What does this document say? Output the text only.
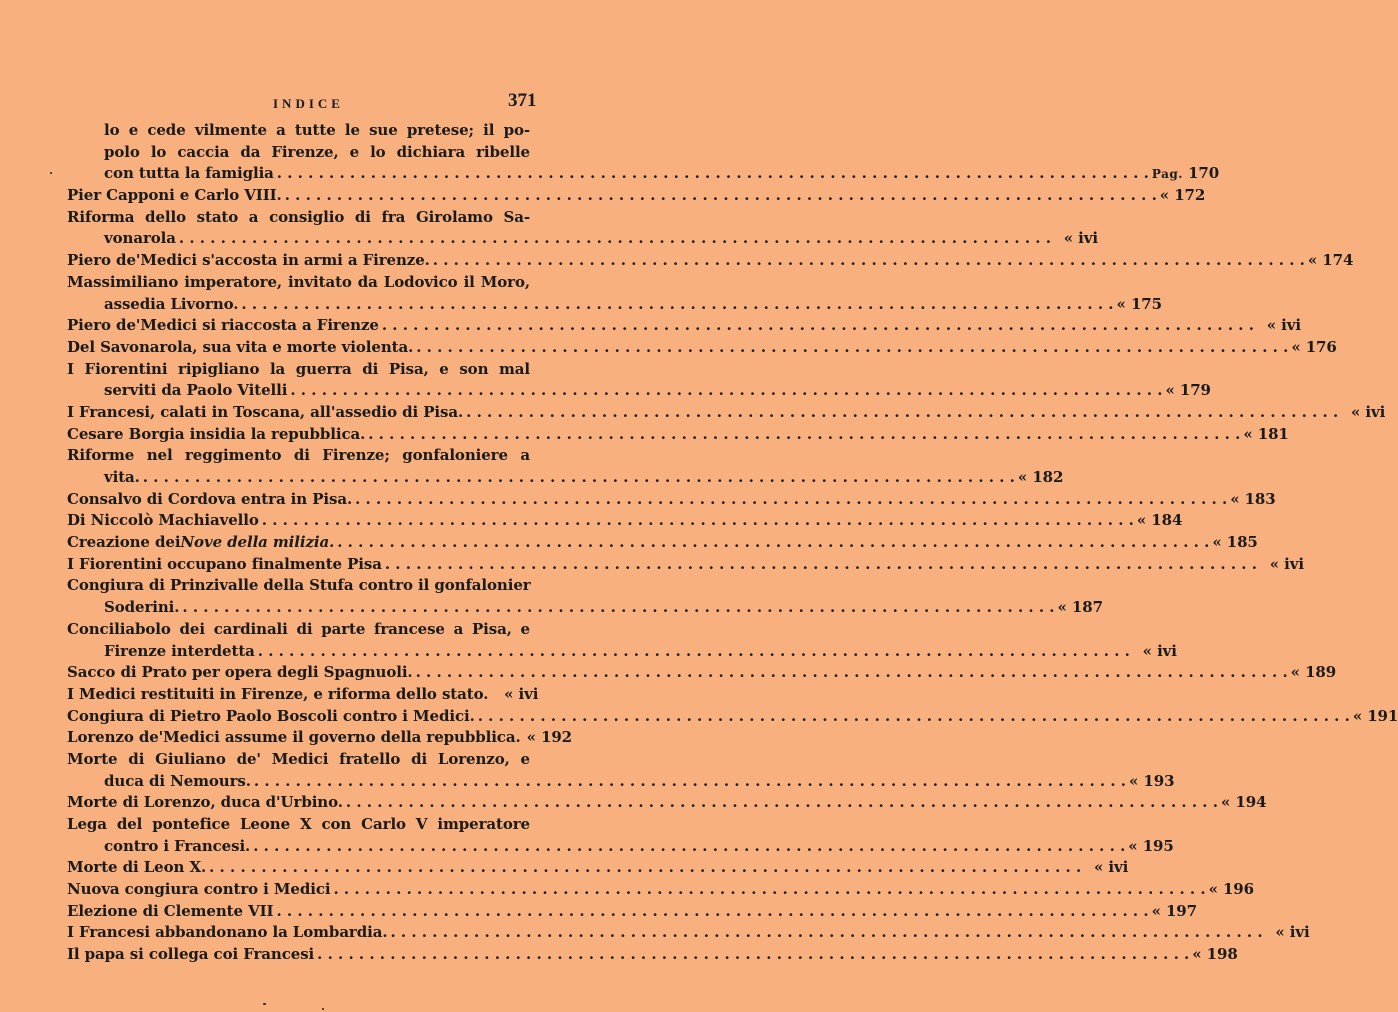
INDICE	371
lo e cede vilmente a tutte le sue pretese; il po-
polo lo caccia da Firenze, e lo dichiara ribelle
con tutta la famiglia . . .	Pag. 170
Pier Capponi e Carlo VIII. . . .	« 172
Riforma dello stato a consiglio di fra Girolamo Sa-
vonarola . . .	« ivi
Piero de'Medici s'accosta in armi a Firenze. . . .	« 174
Massimiliano imperatore, invitato da Lodovico il Moro,
assedia Livorno. . . .	« 175
Piero de'Medici si riaccosta a Firenze . . .	« ivi
Del Savonarola, sua vita e morte violenta. . . .	« 176
I Fiorentini ripigliano la guerra di Pisa, e son mal
serviti da Paolo Vitelli . . .	« 179
I Francesi, calati in Toscana, all'assedio di Pisa. . . .	« ivi
Cesare Borgia insidia la repubblica. . . .	« 181
Riforme nel reggimento di Firenze; gonfaloniere a
vita. . . .	« 182
Consalvo di Cordova entra in Pisa. . . .	« 183
Di Niccolò Machiavello . . .	« 184
Creazione dei Nove della milizia. . . .	« 185
I Fiorentini occupano finalmente Pisa . . .	« ivi
Congiura di Prinzivalle della Stufa contro il gonfalonier
Soderini. . . .	« 187
Conciliabolo dei cardinali di parte francese a Pisa, e
Firenze interdetta . . .	« ivi
Sacco di Prato per opera degli Spagnuoli. . . .	« 189
I Medici restituiti in Firenze, e riforma dello stato.	« ivi
Congiura di Pietro Paolo Boscoli contro i Medici. . . .	« 191
Lorenzo de'Medici assume il governo della repubblica. « 192
Morte di Giuliano de' Medici fratello di Lorenzo, e
duca di Nemours. . . .	« 193
Morte di Lorenzo, duca d'Urbino. . . .	« 194
Lega del pontefice Leone X con Carlo V imperatore
contro i Francesi. . . .	« 195
Morte di Leon X. . . .	« ivi
Nuova congiura contro i Medici . . .	« 196
Elezione di Clemente VII . . .	« 197
I Francesi abbandonano la Lombardia. . . .	« ivi
Il papa si collega coi Francesi . . .	« 198
